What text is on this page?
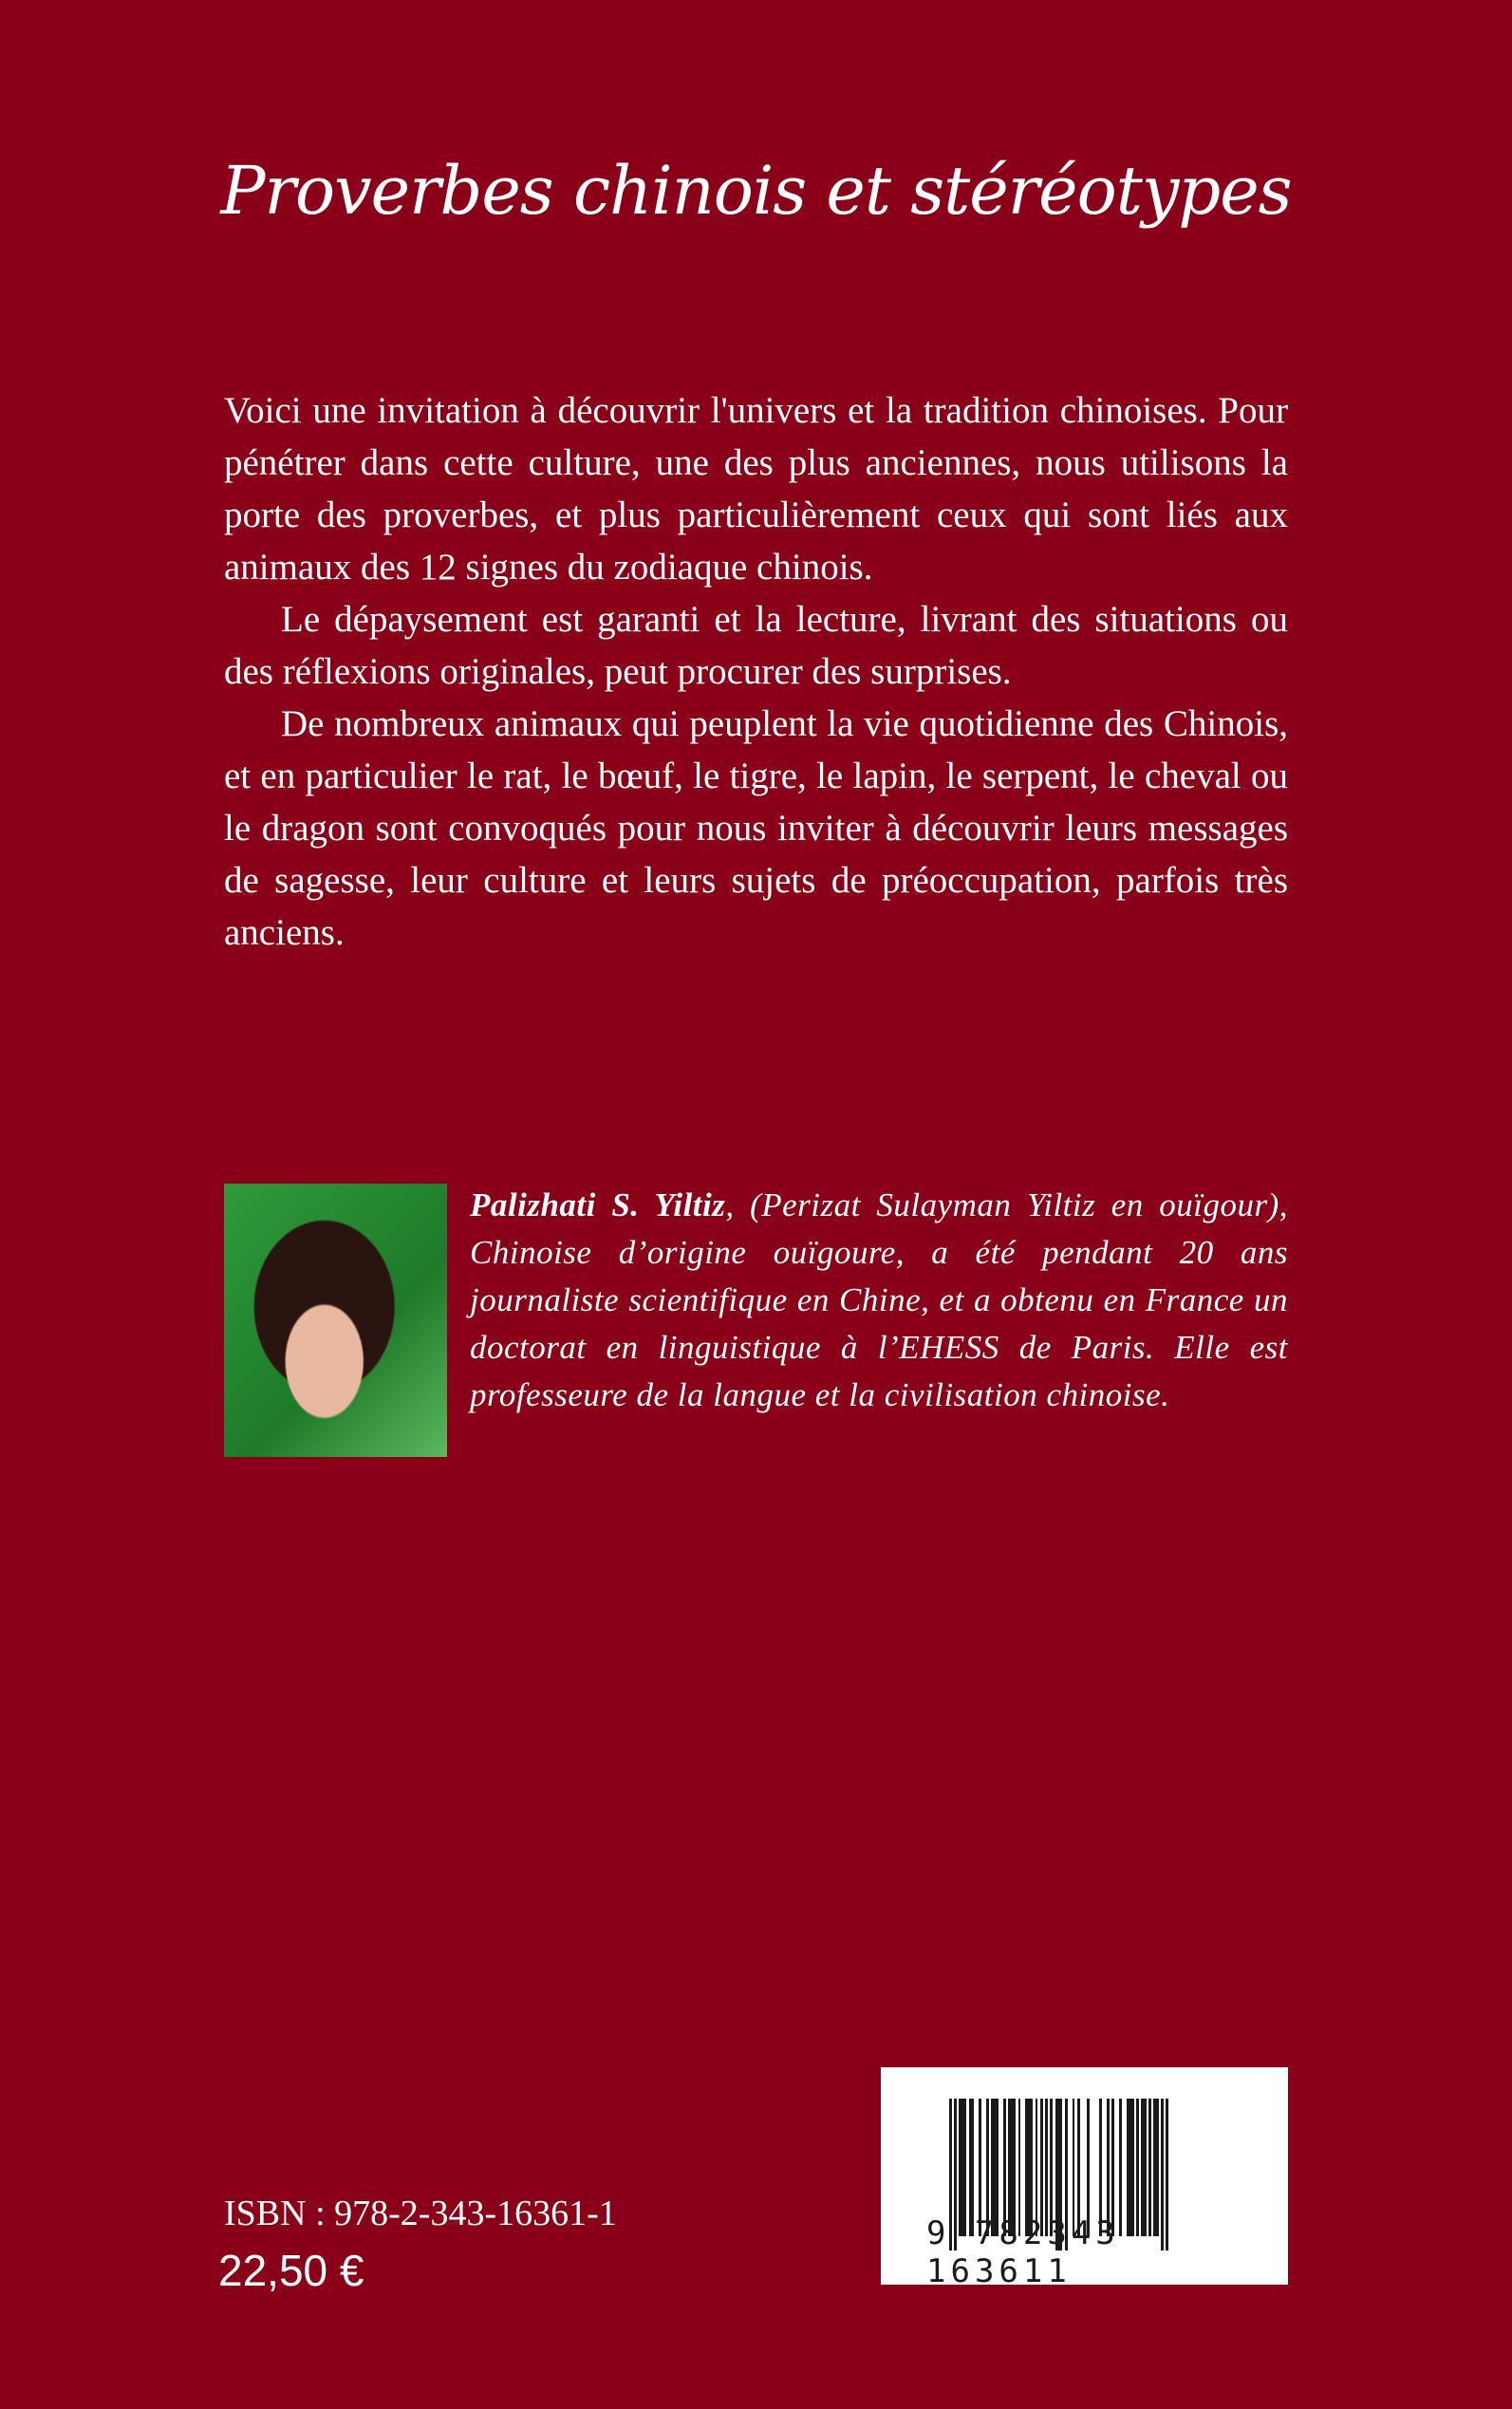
Proverbes chinois et stéréotypes

Voici une invitation à découvrir l'univers et la tradition chinoises. Pour pénétrer dans cette culture, une des plus anciennes, nous utilisons la porte des proverbes, et plus particulièrement ceux qui sont liés aux animaux des 12 signes du zodiaque chinois.

Le dépaysement est garanti et la lecture, livrant des situations ou des réflexions originales, peut procurer des surprises.

De nombreux animaux qui peuplent la vie quotidienne des Chinois, et en particulier le rat, le bœuf, le tigre, le lapin, le serpent, le cheval ou le dragon sont convoqués pour nous inviter à découvrir leurs messages de sagesse, leur culture et leurs sujets de préoccupation, parfois très anciens.

Palizhati S. Yiltiz, (Perizat Sulayman Yiltiz en ouïgour), Chinoise d’origine ouïgoure, a été pendant 20 ans journaliste scientifique en Chine, et a obtenu en France un doctorat en linguistique à l’EHESS de Paris. Elle est professeure de la langue et la civilisation chinoise.
9 782343 163611
ISBN : 978-2-343-16361-1
22,50 €
